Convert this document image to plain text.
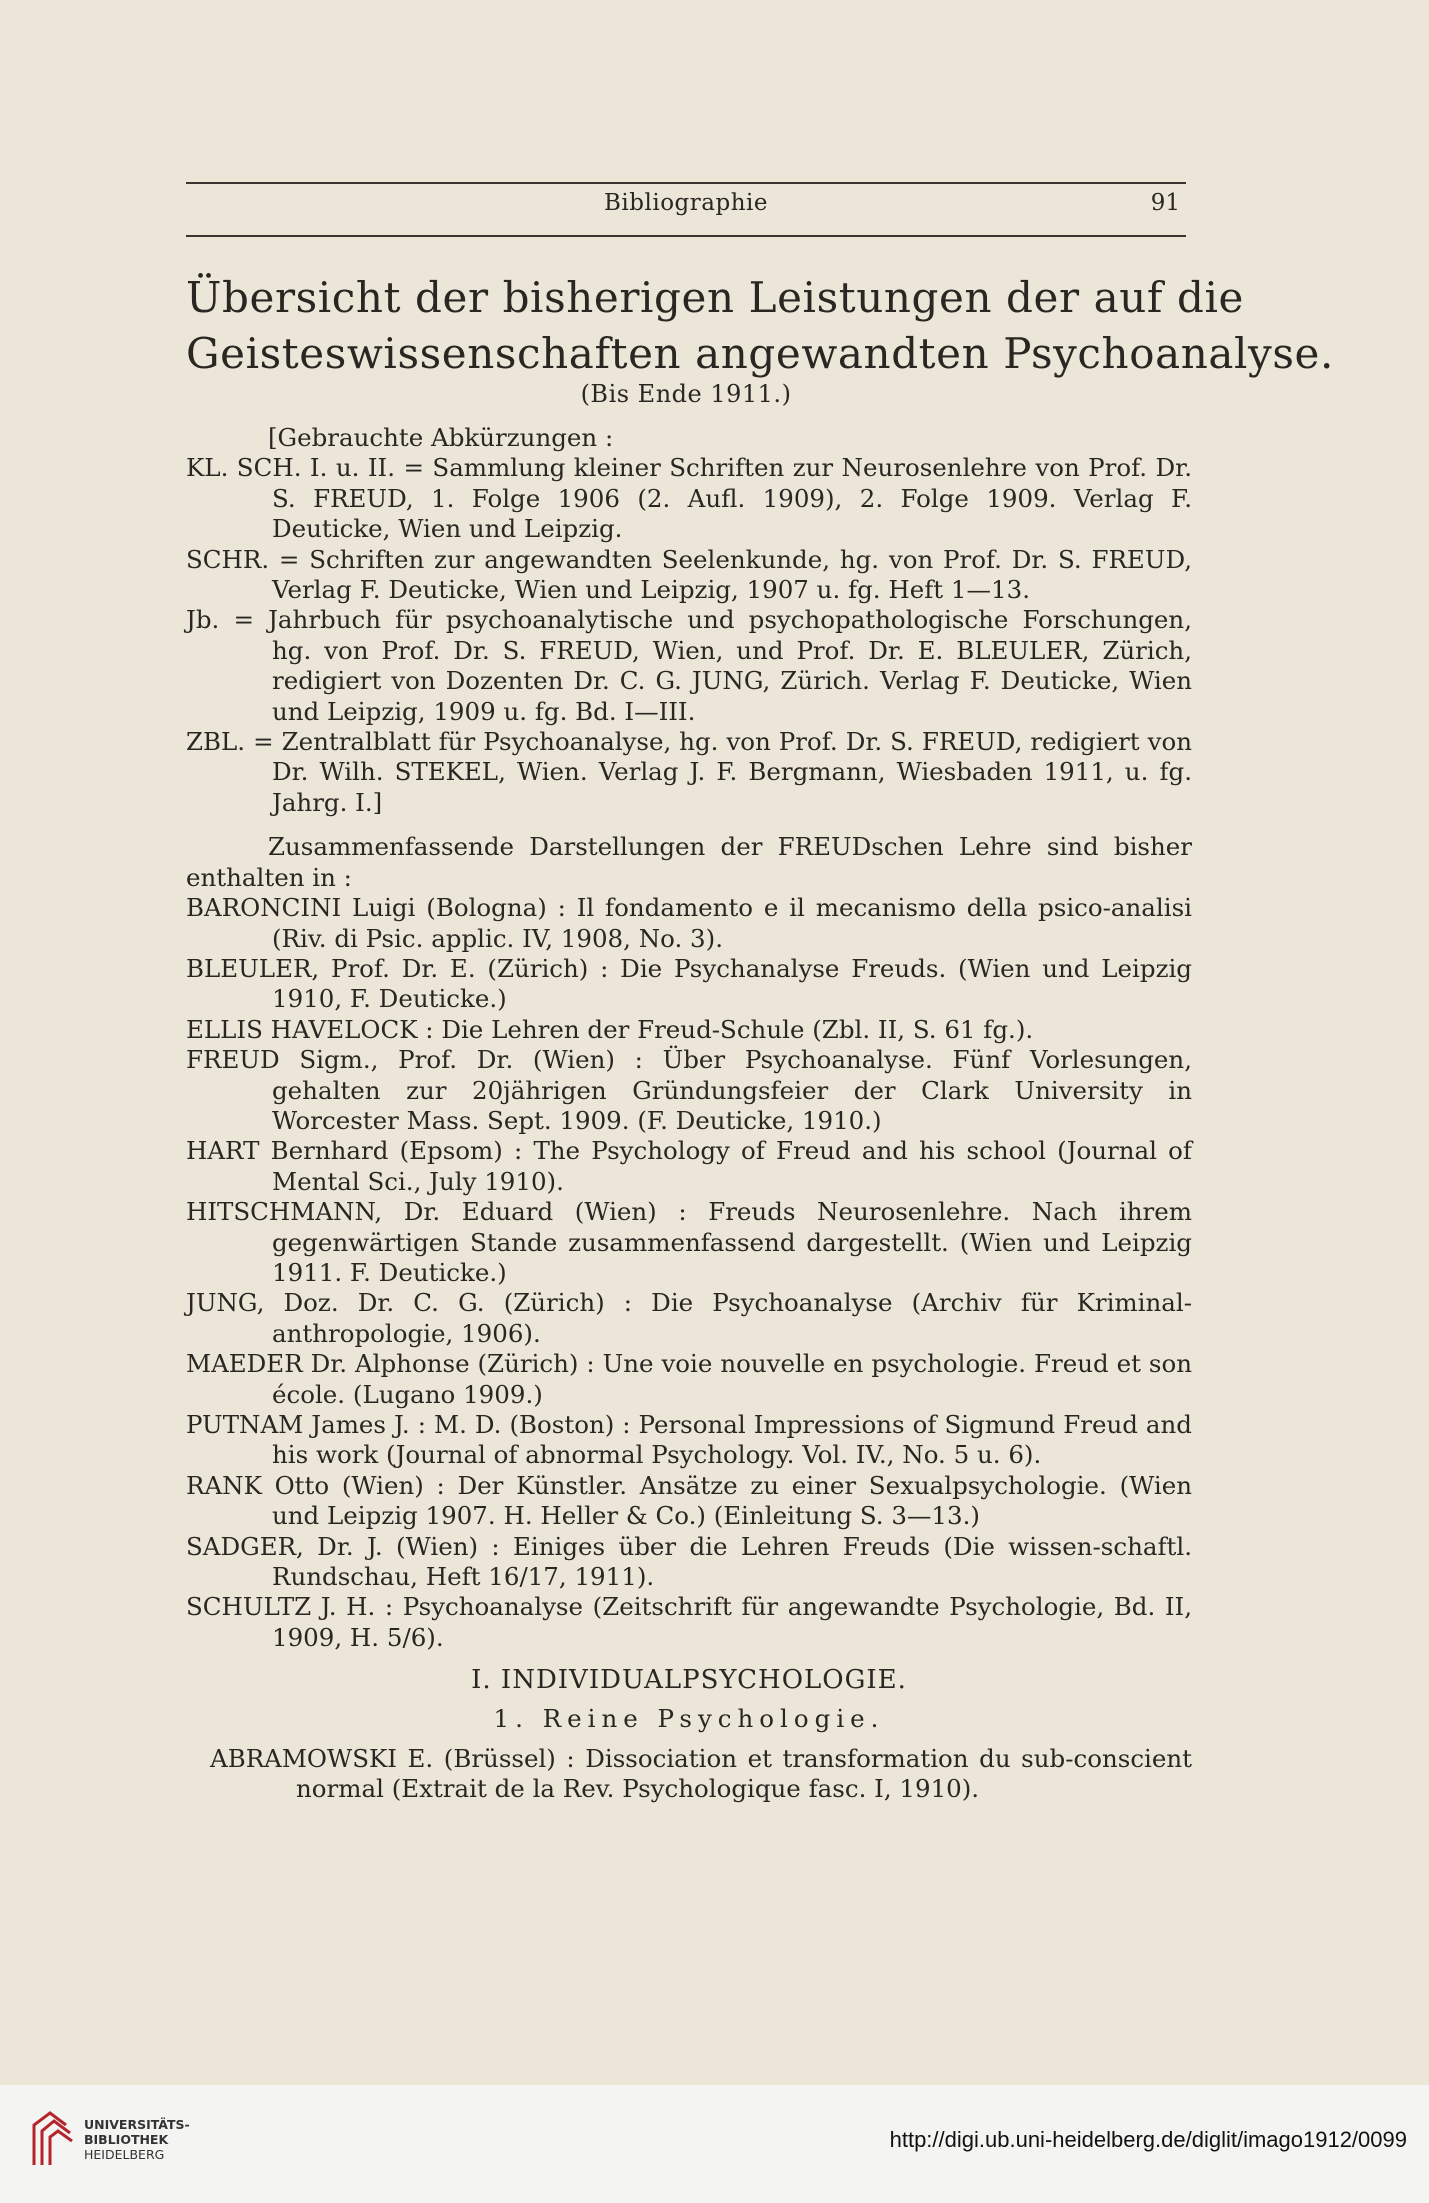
Bibliographie	91
Übersicht der bisherigen Leistungen der auf die
Geisteswissenschaften angewandten Psychoanalyse.
(Bis Ende 1911.)

[Gebrauchte Abkürzungen :

KL. SCH. I. u. II. = Sammlung kleiner Schriften zur Neurosenlehre von Prof. Dr. S. FREUD, 1. Folge 1906 (2. Aufl. 1909), 2. Folge 1909. Verlag F. Deuticke, Wien und Leipzig.

SCHR. = Schriften zur angewandten Seelenkunde, hg. von Prof. Dr. S. FREUD, Verlag F. Deuticke, Wien und Leipzig, 1907 u. fg. Heft 1—13.

Jb. = Jahrbuch für psychoanalytische und psychopathologische Forschungen, hg. von Prof. Dr. S. FREUD, Wien, und Prof. Dr. E. BLEULER, Zürich, redigiert von Dozenten Dr. C. G. JUNG, Zürich. Verlag F. Deuticke, Wien und Leipzig, 1909 u. fg. Bd. I—III.

ZBL. = Zentralblatt für Psychoanalyse, hg. von Prof. Dr. S. FREUD, redigiert von Dr. Wilh. STEKEL, Wien. Verlag J. F. Bergmann, Wiesbaden 1911, u. fg. Jahrg. I.]

Zusammenfassende Darstellungen der FREUDschen Lehre sind bisher enthalten in :

BARONCINI Luigi (Bologna) : Il fondamento e il mecanismo della psico-analisi (Riv. di Psic. applic. IV, 1908, No. 3).

BLEULER, Prof. Dr. E. (Zürich) : Die Psychanalyse Freuds. (Wien und Leipzig 1910, F. Deuticke.)

ELLIS HAVELOCK : Die Lehren der Freud-Schule (Zbl. II, S. 61 fg.).

FREUD Sigm., Prof. Dr. (Wien) : Über Psychoanalyse. Fünf Vorlesungen, gehalten zur 20jährigen Gründungsfeier der Clark University in Worcester Mass. Sept. 1909. (F. Deuticke, 1910.)

HART Bernhard (Epsom) : The Psychology of Freud and his school (Journal of Mental Sci., July 1910).

HITSCHMANN, Dr. Eduard (Wien) : Freuds Neurosenlehre. Nach ihrem gegenwärtigen Stande zusammenfassend dargestellt. (Wien und Leipzig 1911. F. Deuticke.)

JUNG, Doz. Dr. C. G. (Zürich) : Die Psychoanalyse (Archiv für Kriminal-anthropologie, 1906).

MAEDER Dr. Alphonse (Zürich) : Une voie nouvelle en psychologie. Freud et son école. (Lugano 1909.)

PUTNAM James J. : M. D. (Boston) : Personal Impressions of Sigmund Freud and his work (Journal of abnormal Psychology. Vol. IV., No. 5 u. 6).

RANK Otto (Wien) : Der Künstler. Ansätze zu einer Sexualpsychologie. (Wien und Leipzig 1907. H. Heller & Co.) (Einleitung S. 3—13.)

SADGER, Dr. J. (Wien) : Einiges über die Lehren Freuds (Die wissen-schaftl. Rundschau, Heft 16/17, 1911).

SCHULTZ J. H. : Psychoanalyse (Zeitschrift für angewandte Psychologie, Bd. II, 1909, H. 5/6).

I. INDIVIDUALPSYCHOLOGIE.
1. Reine Psychologie.

ABRAMOWSKI E. (Brüssel) : Dissociation et transformation du sub-conscient normal (Extrait de la Rev. Psychologique fasc. I, 1910).

UNIVERSITÄTS-
BIBLIOTHEK
HEIDELBERG
http://digi.ub.uni-heidelberg.de/diglit/imago1912/0099
